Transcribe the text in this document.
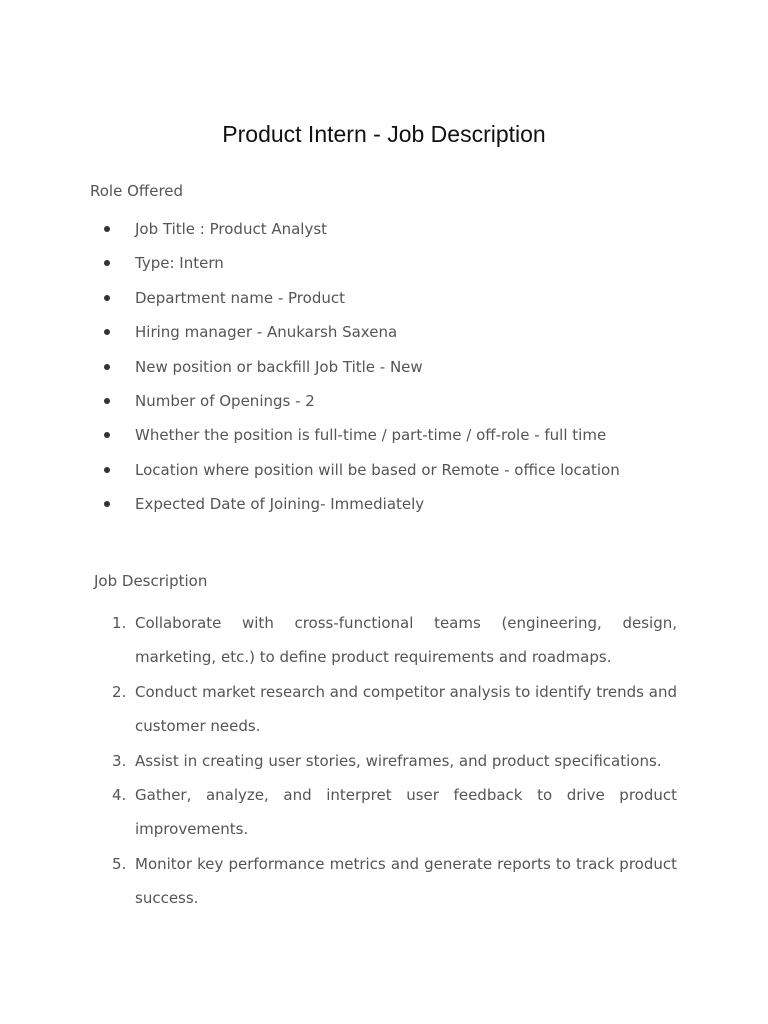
Product Intern - Job Description
Role Offered
Job Title : Product Analyst
Type: Intern
Department name - Product
Hiring manager - Anukarsh Saxena
New position or backfill Job Title - New
Number of Openings - 2
Whether the position is full-time / part-time / off-role - full time
Location where position will be based or Remote - office location
Expected Date of Joining- Immediately
Job Description
1. Collaborate with cross-functional teams (engineering, design, marketing, etc.) to define product requirements and roadmaps.
2. Conduct market research and competitor analysis to identify trends and customer needs.
3. Assist in creating user stories, wireframes, and product specifications.
4. Gather, analyze, and interpret user feedback to drive product improvements.
5. Monitor key performance metrics and generate reports to track product success.
